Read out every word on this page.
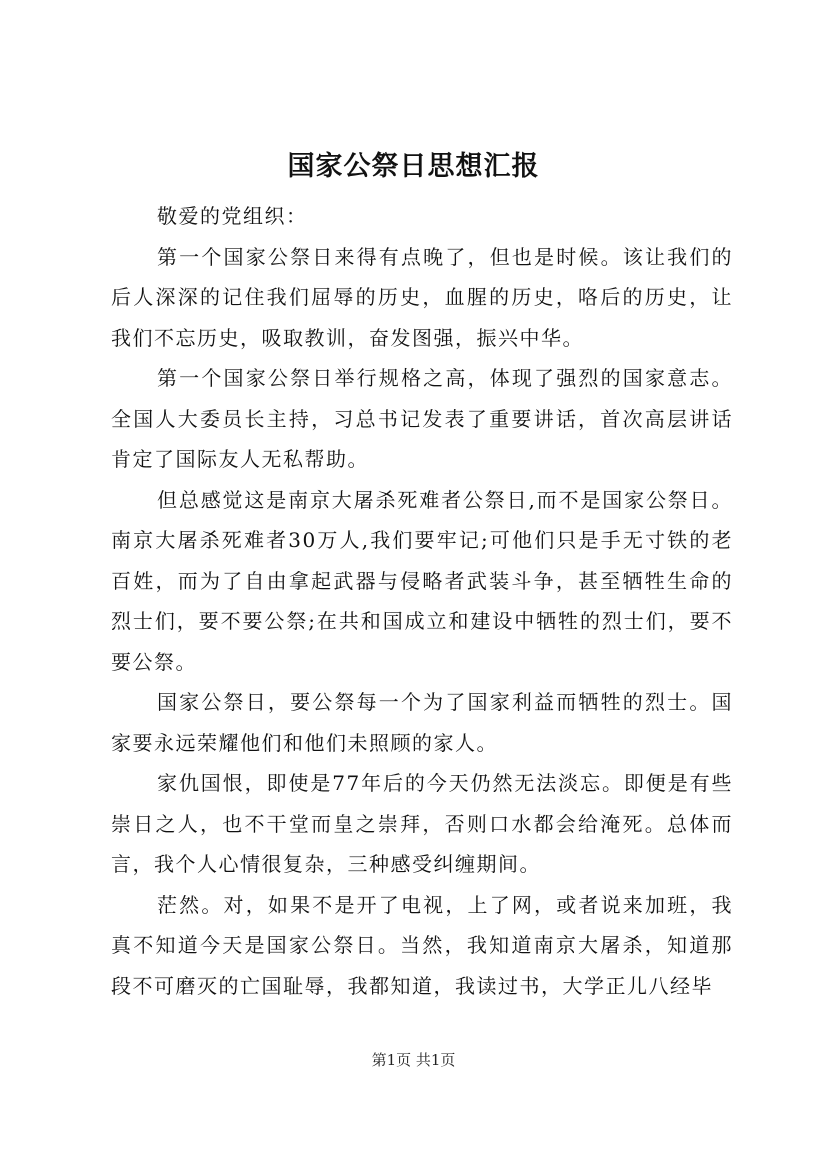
国家公祭日思想汇报

敬爱的党组织：

第一个国家公祭日来得有点晚了，但也是时候。该让我们的后人深深的记住我们屈辱的历史，血腥的历史，咯后的历史，让我们不忘历史，吸取教训，奋发图强，振兴中华。

第一个国家公祭日举行规格之高，体现了强烈的国家意志。全国人大委员长主持，习总书记发表了重要讲话，首次高层讲话肯定了国际友人无私帮助。

但总感觉这是南京大屠杀死难者公祭日,而不是国家公祭日。南京大屠杀死难者30万人,我们要牢记;可他们只是手无寸铁的老百姓，而为了自由拿起武器与侵略者武装斗争，甚至牺牲生命的烈士们，要不要公祭;在共和国成立和建设中牺牲的烈士们，要不要公祭。

国家公祭日，要公祭每一个为了国家利益而牺牲的烈士。国家要永远荣耀他们和他们未照顾的家人。

家仇国恨，即使是77年后的今天仍然无法淡忘。即便是有些崇日之人，也不干堂而皇之崇拜，否则口水都会给淹死。总体而言，我个人心情很复杂，三种感受纠缠期间。

茫然。对，如果不是开了电视，上了网，或者说来加班，我真不知道今天是国家公祭日。当然，我知道南京大屠杀，知道那段不可磨灭的亡国耻辱，我都知道，我读过书，大学正儿八经毕

第1页 共1页
